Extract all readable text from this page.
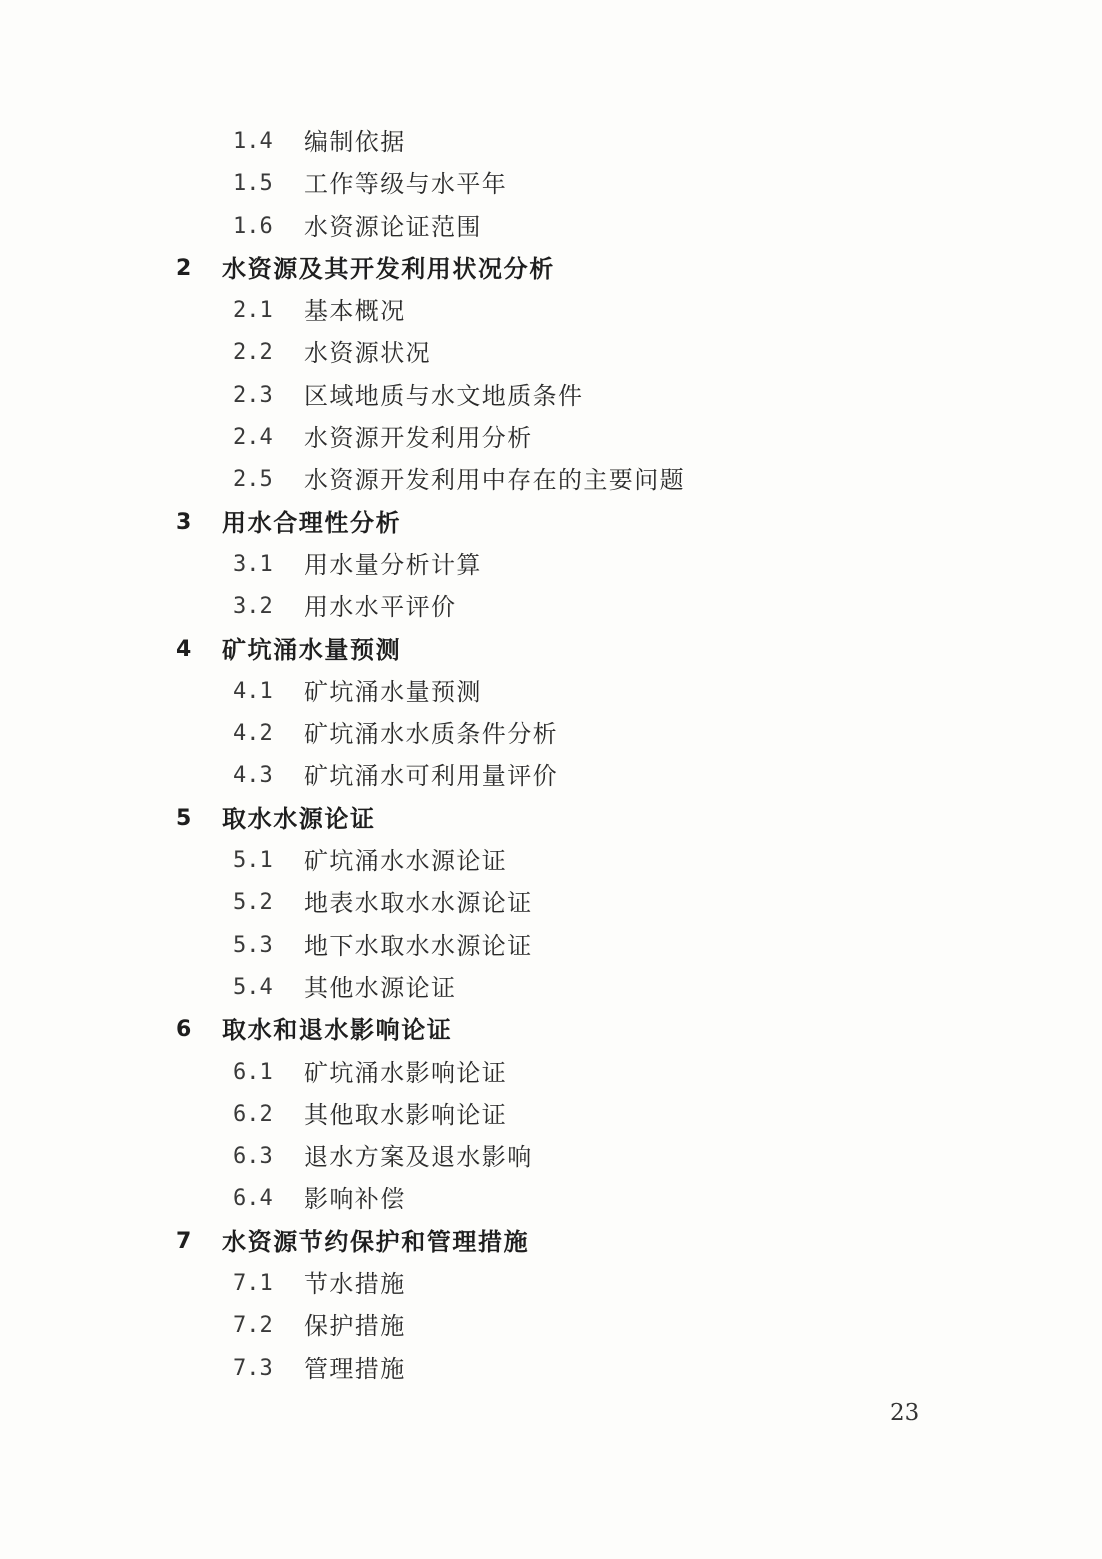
1.4 编制依据
1.5 工作等级与水平年
1.6 水资源论证范围
2 水资源及其开发利用状况分析
2.1 基本概况
2.2 水资源状况
2.3 区域地质与水文地质条件
2.4 水资源开发利用分析
2.5 水资源开发利用中存在的主要问题
3 用水合理性分析
3.1 用水量分析计算
3.2 用水水平评价
4 矿坑涌水量预测
4.1 矿坑涌水量预测
4.2 矿坑涌水水质条件分析
4.3 矿坑涌水可利用量评价
5 取水水源论证
5.1 矿坑涌水水源论证
5.2 地表水取水水源论证
5.3 地下水取水水源论证
5.4 其他水源论证
6 取水和退水影响论证
6.1 矿坑涌水影响论证
6.2 其他取水影响论证
6.3 退水方案及退水影响
6.4 影响补偿
7 水资源节约保护和管理措施
7.1 节水措施
7.2 保护措施
7.3 管理措施
23
